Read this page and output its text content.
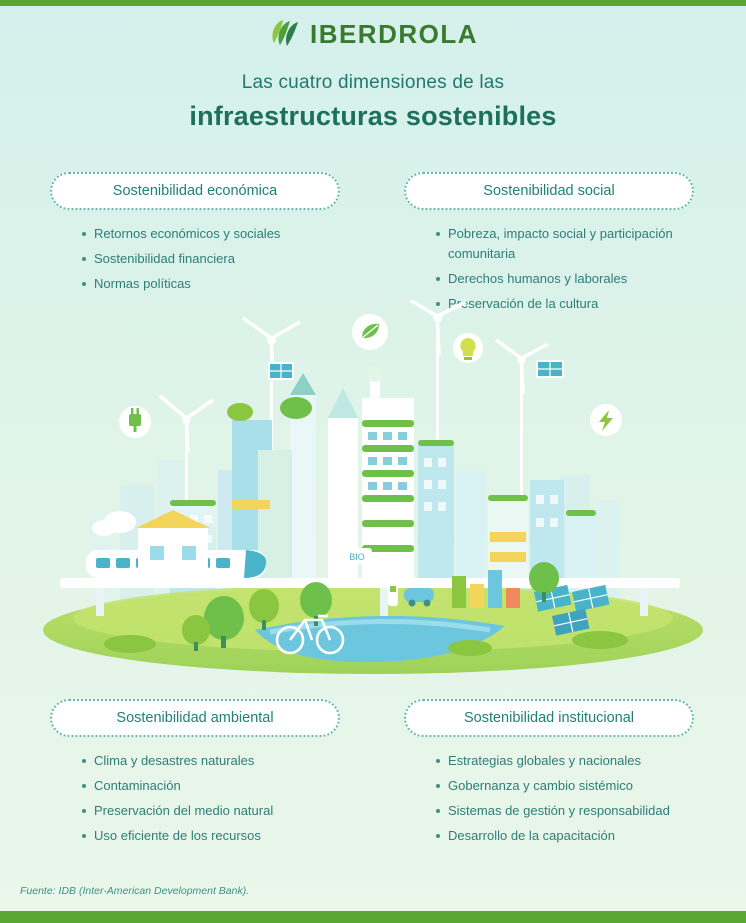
IBERDROLA
Las cuatro dimensiones de las
infraestructuras sostenibles
Sostenibilidad económica
Retornos económicos y sociales
Sostenibilidad financiera
Normas políticas
Sostenibilidad social
Pobreza, impacto social y participación comunitaria
Derechos humanos y laborales
Preservación de la cultura
BIO
Sostenibilidad ambiental
Clima y desastres naturales
Contaminación
Preservación del medio natural
Uso eficiente de los recursos
Sostenibilidad institucional
Estrategias globales y nacionales
Gobernanza y cambio sistémico
Sistemas de gestión y responsabilidad
Desarrollo de la capacitación
Fuente: IDB (Inter-American Development Bank).
